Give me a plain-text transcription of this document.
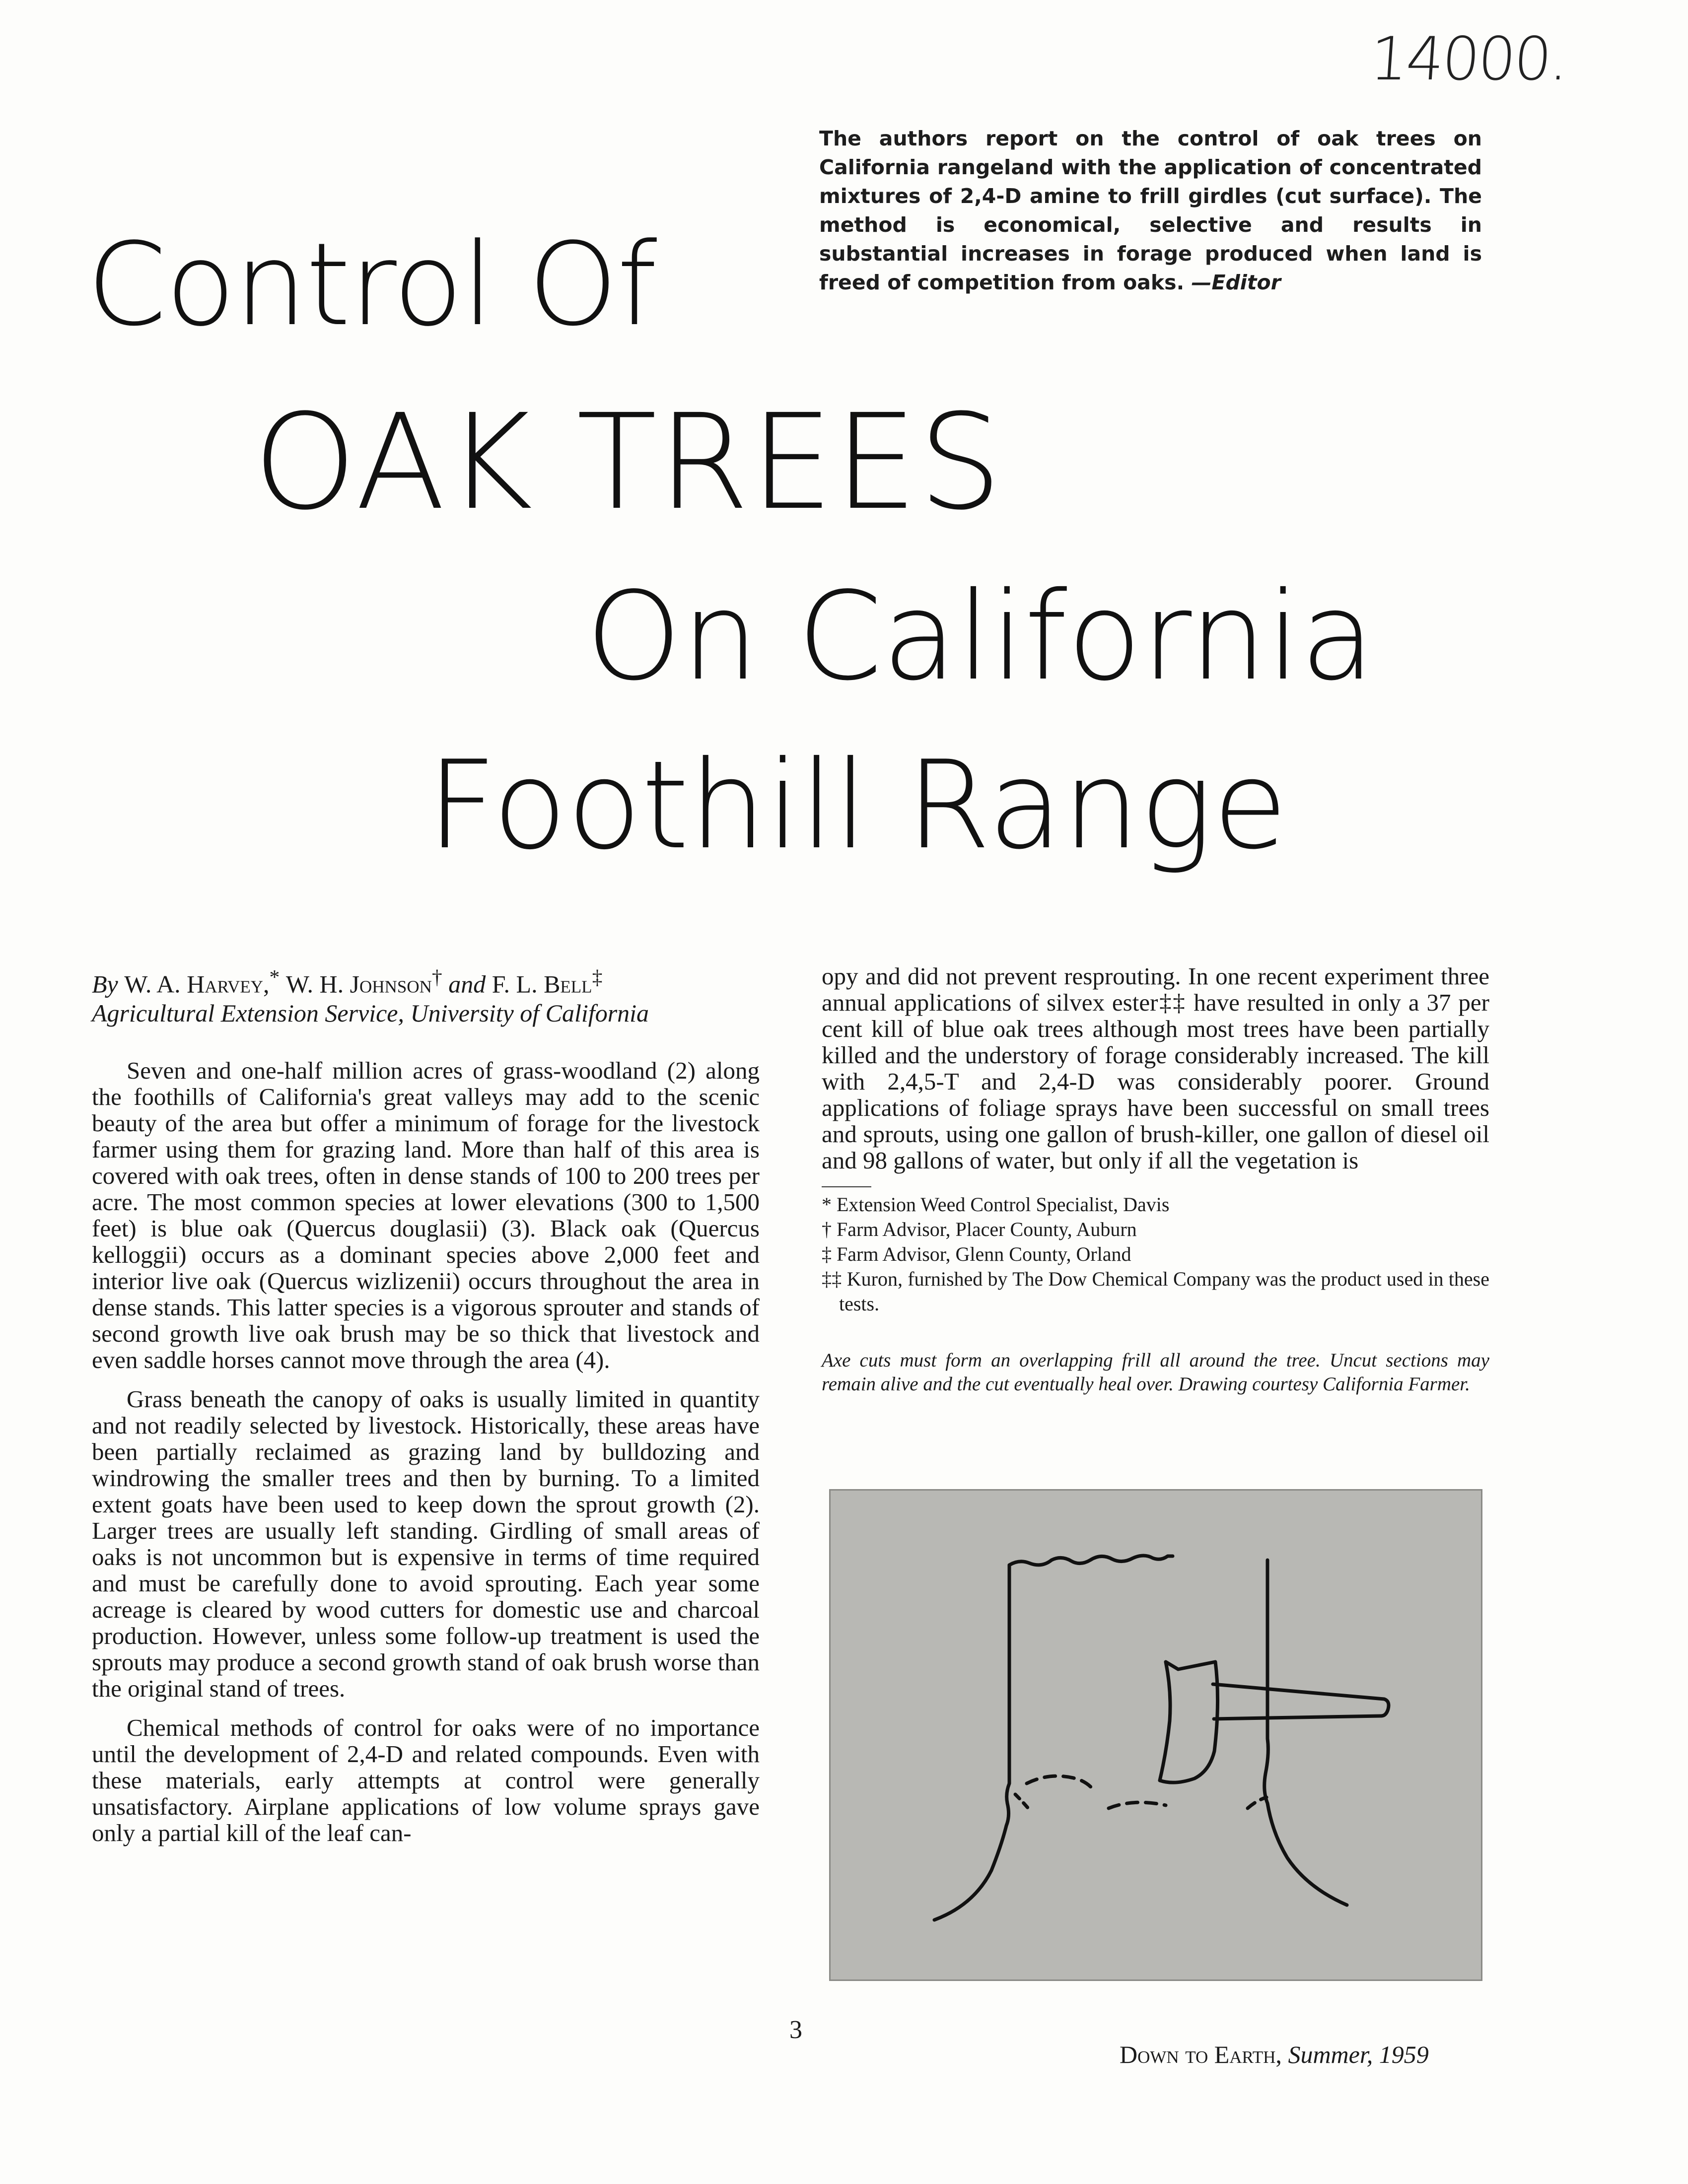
14000.
The authors report on the control of oak trees on California rangeland with the application of concentrated mixtures of 2,4-D amine to frill girdles (cut surface). The method is economical, selective and results in substantial increases in forage produced when land is freed of competition from oaks. —Editor
Control Of
OAK TREES
On California
Foothill Range
By W. A. Harvey,* W. H. Johnson† and F. L. Bell‡
Agricultural Extension Service, University of California

Seven and one-half million acres of grass-woodland (2) along the foothills of California's great valleys may add to the scenic beauty of the area but offer a minimum of forage for the livestock farmer using them for grazing land. More than half of this area is covered with oak trees, often in dense stands of 100 to 200 trees per acre. The most common species at lower elevations (300 to 1,500 feet) is blue oak (Quercus douglasii) (3). Black oak (Quercus kelloggii) occurs as a dominant species above 2,000 feet and interior live oak (Quercus wizlizenii) occurs throughout the area in dense stands. This latter species is a vigorous sprouter and stands of second growth live oak brush may be so thick that livestock and even saddle horses cannot move through the area (4).

Grass beneath the canopy of oaks is usually limited in quantity and not readily selected by livestock. Historically, these areas have been partially reclaimed as grazing land by bulldozing and windrowing the smaller trees and then by burning. To a limited extent goats have been used to keep down the sprout growth (2). Larger trees are usually left standing. Girdling of small areas of oaks is not uncommon but is expensive in terms of time required and must be carefully done to avoid sprouting. Each year some acreage is cleared by wood cutters for domestic use and charcoal production. However, unless some follow-up treatment is used the sprouts may produce a second growth stand of oak brush worse than the original stand of trees.

Chemical methods of control for oaks were of no importance until the development of 2,4-D and related compounds. Even with these materials, early attempts at control were generally unsatisfactory. Airplane applications of low volume sprays gave only a partial kill of the leaf can-

opy and did not prevent resprouting. In one recent experiment three annual applications of silvex ester‡‡ have resulted in only a 37 per cent kill of blue oak trees although most trees have been partially killed and the understory of forage considerably increased. The kill with 2,4,5-T and 2,4-D was considerably poorer. Ground applications of foliage sprays have been successful on small trees and sprouts, using one gallon of brush-killer, one gallon of diesel oil and 98 gallons of water, but only if all the vegetation is

* Extension Weed Control Specialist, Davis
† Farm Advisor, Placer County, Auburn
‡ Farm Advisor, Glenn County, Orland
‡‡ Kuron, furnished by The Dow Chemical Company was the product used in these tests.
Axe cuts must form an overlapping frill all around the tree. Uncut sections may remain alive and the cut eventually heal over. Drawing courtesy California Farmer.
3
Down to Earth, Summer, 1959
